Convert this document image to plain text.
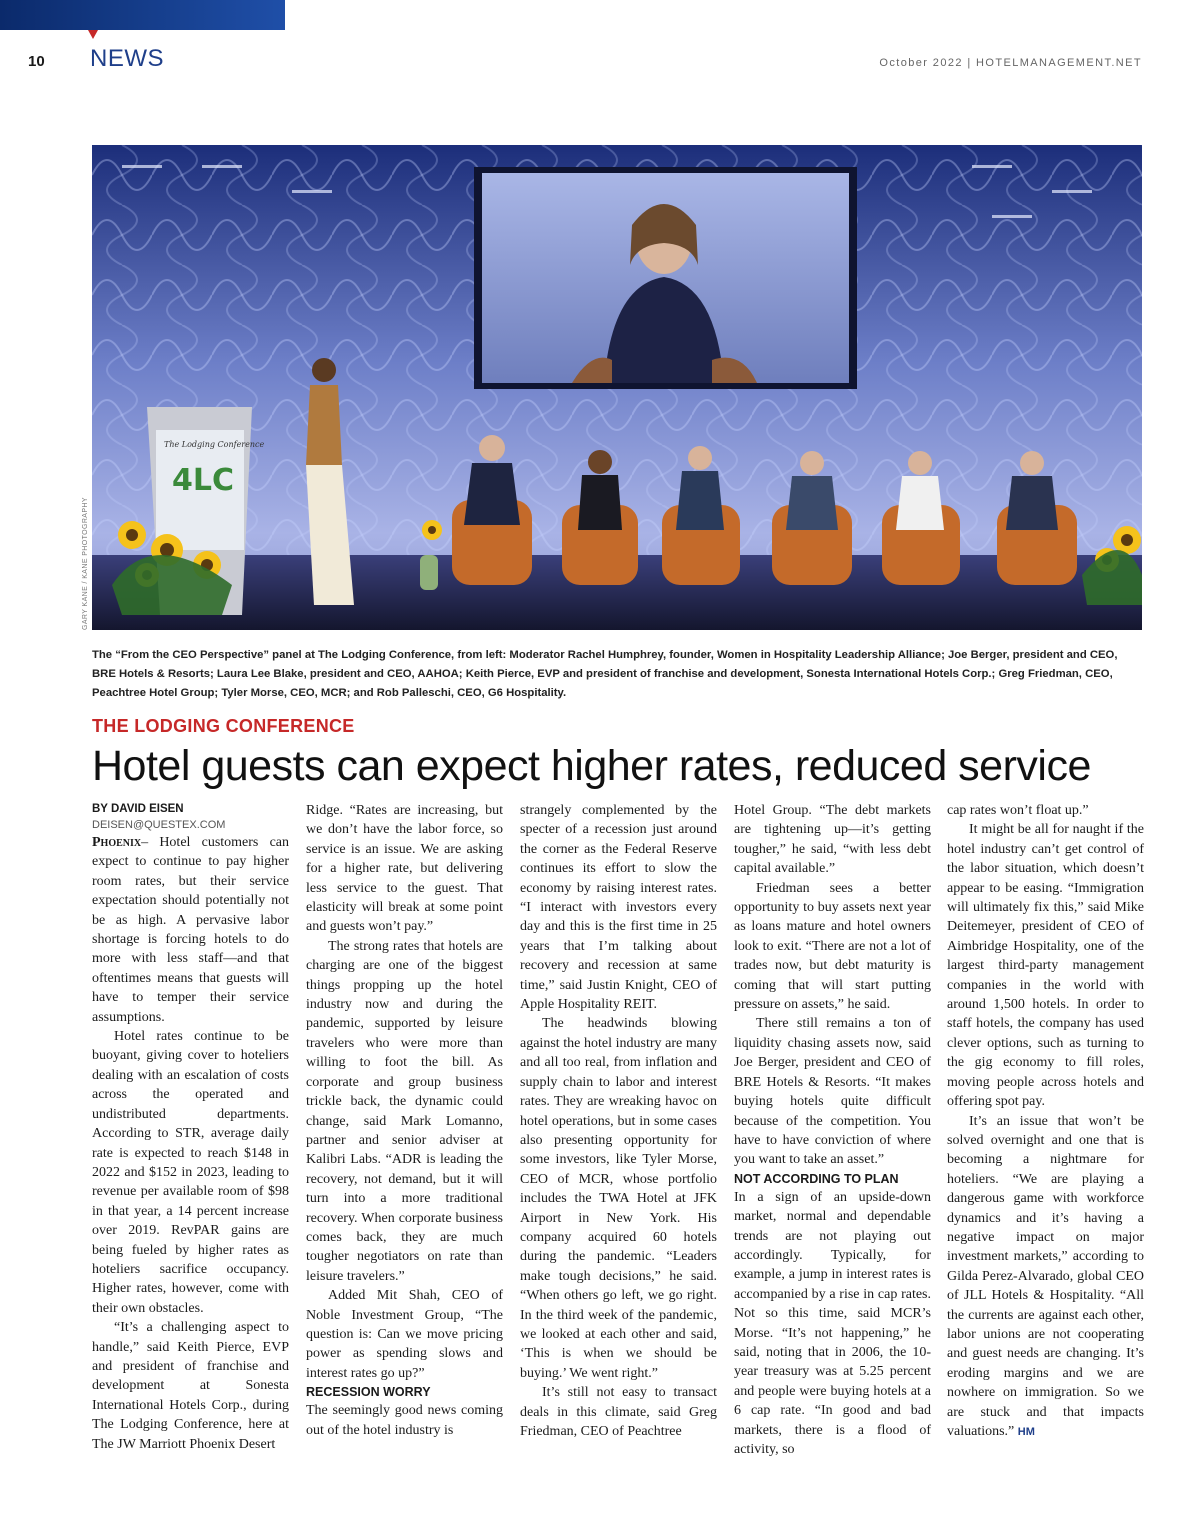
10 NEWS	October 2022 | HOTELMANAGEMENT.NET
The Lodging Conference
4LC
GARY KANE / KANE PHOTOGRAPHY
The “From the CEO Perspective” panel at The Lodging Conference, from left: Moderator Rachel Humphrey, founder, Women in Hospitality Leadership Alliance; Joe Berger, president and CEO, BRE Hotels & Resorts; Laura Lee Blake, president and CEO, AAHOA; Keith Pierce, EVP and president of franchise and development, Sonesta International Hotels Corp.; Greg Friedman, CEO, Peachtree Hotel Group; Tyler Morse, CEO, MCR; and Rob Palleschi, CEO, G6 Hospitality.
THE LODGING CONFERENCE
Hotel guests can expect higher rates, reduced service

BY DAVID EISEN

DEISEN@QUESTEX.COM

Phoenix– Hotel customers can expect to continue to pay higher room rates, but their service expectation should potentially not be as high. A pervasive labor shortage is forcing hotels to do more with less staff—and that oftentimes means that guests will have to temper their service assumptions.

Hotel rates continue to be buoyant, giving cover to hoteliers dealing with an escalation of costs across the operated and undistributed departments. According to STR, average daily rate is expected to reach $148 in 2022 and $152 in 2023, leading to revenue per available room of $98 in that year, a 14 percent increase over 2019. RevPAR gains are being fueled by higher rates as hoteliers sacrifice occupancy. Higher rates, however, come with their own obstacles.

“It’s a challenging aspect to handle,” said Keith Pierce, EVP and president of franchise and development at Sonesta International Hotels Corp., during The Lodging Conference, here at The JW Marriott Phoenix Desert

Ridge. “Rates are increasing, but we don’t have the labor force, so service is an issue. We are asking for a higher rate, but delivering less service to the guest. That elasticity will break at some point and guests won’t pay.”

The strong rates that hotels are charging are one of the biggest things propping up the hotel industry now and during the pandemic, supported by leisure travelers who were more than willing to foot the bill. As corporate and group business trickle back, the dynamic could change, said Mark Lomanno, partner and senior adviser at Kalibri Labs. “ADR is leading the recovery, not demand, but it will turn into a more traditional recovery. When corporate business comes back, they are much tougher negotiators on rate than leisure travelers.”

Added Mit Shah, CEO of Noble Investment Group, “The question is: Can we move pricing power as spending slows and interest rates go up?”

RECESSION WORRY

The seemingly good news coming out of the hotel industry is

strangely complemented by the specter of a recession just around the corner as the Federal Reserve continues its effort to slow the economy by raising interest rates. “I interact with investors every day and this is the first time in 25 years that I’m talking about recovery and recession at same time,” said Justin Knight, CEO of Apple Hospitality REIT.

The headwinds blowing against the hotel industry are many and all too real, from inflation and supply chain to labor and interest rates. They are wreaking havoc on hotel operations, but in some cases also presenting opportunity for some investors, like Tyler Morse, CEO of MCR, whose portfolio includes the TWA Hotel at JFK Airport in New York. His company acquired 60 hotels during the pandemic. “Leaders make tough decisions,” he said. “When others go left, we go right. In the third week of the pandemic, we looked at each other and said, ‘This is when we should be buying.’ We went right.”

It’s still not easy to transact deals in this climate, said Greg Friedman, CEO of Peachtree

Hotel Group. “The debt markets are tightening up—it’s getting tougher,” he said, “with less debt capital available.”

Friedman sees a better opportunity to buy assets next year as loans mature and hotel owners look to exit. “There are not a lot of trades now, but debt maturity is coming that will start putting pressure on assets,” he said.

There still remains a ton of liquidity chasing assets now, said Joe Berger, president and CEO of BRE Hotels & Resorts. “It makes buying hotels quite difficult because of the competition. You have to have conviction of where you want to take an asset.”

NOT ACCORDING TO PLAN

In a sign of an upside-down market, normal and dependable trends are not playing out accordingly. Typically, for example, a jump in interest rates is accompanied by a rise in cap rates. Not so this time, said MCR’s Morse. “It’s not happening,” he said, noting that in 2006, the 10-year treasury was at 5.25 percent and people were buying hotels at a 6 cap rate. “In good and bad markets, there is a flood of activity, so

cap rates won’t float up.”

It might be all for naught if the hotel industry can’t get control of the labor situation, which doesn’t appear to be easing. “Immigration will ultimately fix this,” said Mike Deitemeyer, president of CEO of Aimbridge Hospitality, one of the largest third-party management companies in the world with around 1,500 hotels. In order to staff hotels, the company has used clever options, such as turning to the gig economy to fill roles, moving people across hotels and offering spot pay.

It’s an issue that won’t be solved overnight and one that is becoming a nightmare for hoteliers. “We are playing a dangerous game with workforce dynamics and it’s having a negative impact on major investment markets,” according to Gilda Perez-Alvarado, global CEO of JLL Hotels & Hospitality. “All the currents are against each other, labor unions are not cooperating and guest needs are changing. It’s eroding margins and we are nowhere on immigration. So we are stuck and that impacts valuations.” HM
